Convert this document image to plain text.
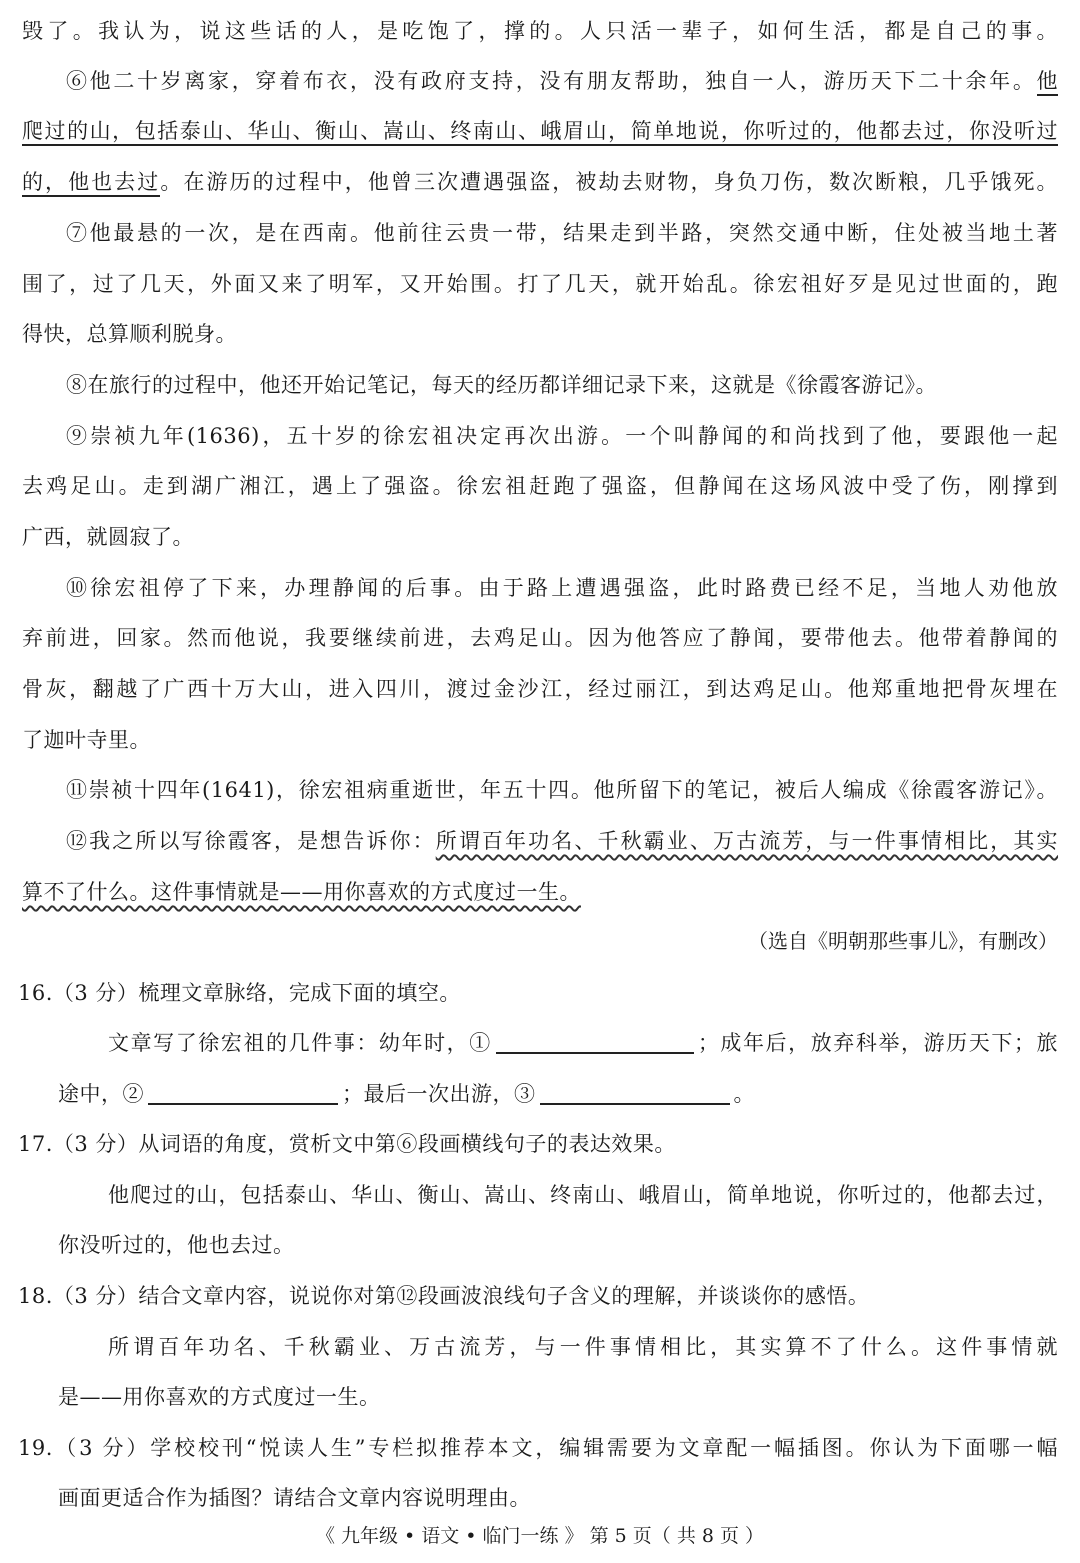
毁了。我认为，说这些话的人，是吃饱了，撑的。人只活一辈子，如何生活，都是自己的事。
⑥他二十岁离家，穿着布衣，没有政府支持，没有朋友帮助，独自一人，游历天下二十余年。他
爬过的山，包括泰山、华山、衡山、嵩山、终南山、峨眉山，简单地说，你听过的，他都去过，你没听过
的，他也去过。在游历的过程中，他曾三次遭遇强盗，被劫去财物，身负刀伤，数次断粮，几乎饿死。
⑦他最悬的一次，是在西南。他前往云贵一带，结果走到半路，突然交通中断，住处被当地土著
围了，过了几天，外面又来了明军，又开始围。打了几天，就开始乱。徐宏祖好歹是见过世面的，跑
得快，总算顺利脱身。
⑧在旅行的过程中，他还开始记笔记，每天的经历都详细记录下来，这就是《徐霞客游记》。
⑨崇祯九年(1636)，五十岁的徐宏祖决定再次出游。一个叫静闻的和尚找到了他，要跟他一起
去鸡足山。走到湖广湘江，遇上了强盗。徐宏祖赶跑了强盗，但静闻在这场风波中受了伤，刚撑到
广西，就圆寂了。
⑩徐宏祖停了下来，办理静闻的后事。由于路上遭遇强盗，此时路费已经不足，当地人劝他放
弃前进，回家。然而他说，我要继续前进，去鸡足山。因为他答应了静闻，要带他去。他带着静闻的
骨灰，翻越了广西十万大山，进入四川，渡过金沙江，经过丽江，到达鸡足山。他郑重地把骨灰埋在
了迦叶寺里。
⑪崇祯十四年(1641)，徐宏祖病重逝世，年五十四。他所留下的笔记，被后人编成《徐霞客游记》。
⑫我之所以写徐霞客，是想告诉你：所谓百年功名、千秋霸业、万古流芳，与一件事情相比，其实
算不了什么。这件事情就是——用你喜欢的方式度过一生。
（选自《明朝那些事儿》，有删改）
16.（3 分）梳理文章脉络，完成下面的填空。
文章写了徐宏祖的几件事：幼年时，①	；成年后，放弃科举，游历天下；旅
途中，②	；最后一次出游，③	。
17.（3 分）从词语的角度，赏析文中第⑥段画横线句子的表达效果。
他爬过的山，包括泰山、华山、衡山、嵩山、终南山、峨眉山，简单地说，你听过的，他都去过，
你没听过的，他也去过。
18.（3 分）结合文章内容，说说你对第⑫段画波浪线句子含义的理解，并谈谈你的感悟。
所谓百年功名、千秋霸业、万古流芳，与一件事情相比，其实算不了什么。这件事情就
是——用你喜欢的方式度过一生。
19.（3 分）学校校刊“悦读人生”专栏拟推荐本文，编辑需要为文章配一幅插图。你认为下面哪一幅
画面更适合作为插图？请结合文章内容说明理由。
《 九年级 • 语文 • 临门一练 》 第 5 页（ 共 8 页 ）
